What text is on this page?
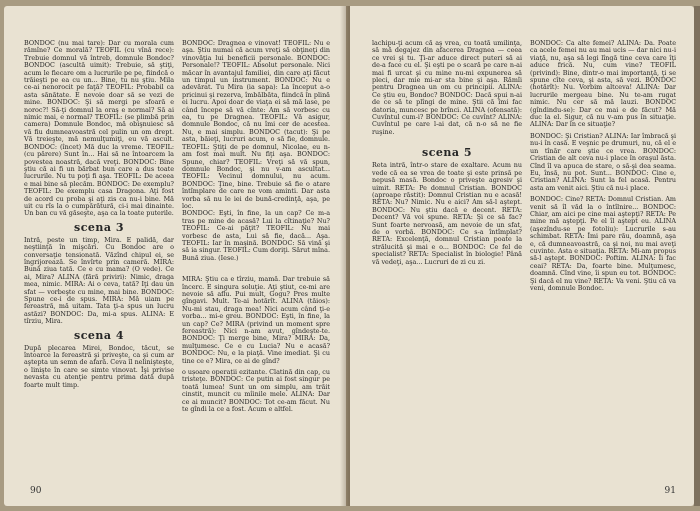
BONDOC (nu mai tare): Dar cu morala cum rămîne? Ce morală? TEOFIL (cu vînă rece): Trebuie domnul vă întreb, domnule Bondoc? BONDOC (ascultă uimit): Trebuie, să ştiţi, acum le fiecare om a lucrurile pe pe, fiindcă o trăieşti pe ea cu un... Bine, tu nu ştiu. Mila ce-ai nenorocit pe faţă? TEOFIL: Probabil ca asta sănătate. E nevoie doar să se vezi de mine. BONDOC: Şi să mergi pe sfoară e noroc?! Să-ţi domnul la oraş e normal? Să ai nimic mai, e normal? TEOFIL: (se plimbă prin camera) Domnule Bondoc, mă obişnuiesc să vă fiu dumneavoastră cel pulin un om drept. Vă treieşte, mă nemulţumiţi, eu vă ascult. BONDOC: (încet) Mă duc la vreme. TEOFIL: (cu părere) Sunt în... Hai să ne întoarcem la povestea noastră, dacă vreţi. BONDOC: Bine ştiu că ai fi un bărbat bun care a dus toate lucrurile. Nu tu poţi fi aşa. TEOFIL: De aceea e mai bine să plecăm. BONDOC: De exemplu? TEOFIL: De exemplu casa Dragona. Aţi fost de acord cu proba şi aţi zis ca nu-i bine. Mă uit cu rîs la o cumpărătură, ci-i mai dinainte. Un ban cu vă găseşte, aşa ca la toate puterile.

scena 3

Intră, peste un timp, Mira. E palidă, dar neştiinţă în mişcări. Cu Bondoc are o conversaţie tensionată. Văzînd chipul ei, se îngrijorează. Se învîrte prin cameră. MIRA: Bună ziua tată. Ce e cu mama? (O vede). Ce ai, Mira? ALINA (fără priviri): Nimic, draga mea, nimic. MIRA: Ai o ceva, tată? Iţi dau un sfat — vorbeşte cu mine, mai bine. BONDOC: Spune ce-i de spus. MIRA: Mă uiam pe fereastră, mă uitam. Tata ţi-a spus un lucru astăzi? BONDOC: Da, mi-a spus. ALINA: E tîrziu, Mira.

scena 4

După plecarea Mirei, Bondoc, tăcut, se întoarce la fereastră şi priveşte, ca şi cum ar aştepta un semn de afară. Ceva îl nelinişteşte, o linişte în care se simte vinovat. Îşi privise nevasta cu atenţie pentru prima dată după foarte mult timp.

BONDOC: Dragnea e vinovat! TEOFIL: Nu e aşa. Ştiu numai că acum vreţi să obţineţi din vinovăţia lui beneficii personale. BONDOC: Personale!? TEOFIL: Absolut personale. Nici măcar în avantajul familiei, din care aţi făcut un timpul un instrument. BONDOC: Nu e adevărat. Tu Mira (ia sapa): La început a-o pricinui şi rezerva, îmbălbăta, fiindcă în plină ei lucru. Apoi doar de viaţa ei să mă lase, pe când începe să vă cînte: Am să vorbesc cu ea, tu pe Dragnea. TEOFIL: Vă asigur, domnule Bondoc, că nu îmi cer de acestea. Nu, e mai simplu. BONDOC (tacut): Şi pe asta, băieţi, lucruri acum, o să fie, domnule. TEOFIL: Ştiţi de pe domnul, Nicolae, eu n-am fost mai mult. Nu fiţi aşa. BONDOC: Spune, chiar? TEOFIL: Vreţi să vă spun, domnule Bondoc, şi nu v-am ascultat... TEOFIL: Vecinul domnului, nu acum. BONDOC: Ţine, bine. Trebuie să fie o atare întîmplare de care ne vom aminti. Dar asta vorba să nu le iei de bună-credinţă, aşa, pe loc.

BONDOC: Eşti, în fine, la un cap? Ce m-a tras pe mine de acasă? Lui la cîtinaţie? Nu? TEOFIL: Ce-ai păţit? TEOFIL: Nu mai vorbesc de asta, Lui să fie, dacă... Aşa. TEOFIL: Iar în maşină. BONDOC: Să vină şi să ia singur. TEOFIL: Cum doriţi. Sărut mîna. Bună ziua. (Iese.)

MIRA: Ştiu ca e tîrziu, mamă. Dar trebuie să încerc. E singura soluţie. Aţi ştiut, ce-mi are nevoie să aflu. Pui mult, Gogu? Pres multe gîngavi. Mult. Te-ai hotărît. ALINA (tăios): Nu-mi stau, draga mea! Nici acum când ţi-e vorba... mi-e greu. BONDOC: Eşti, în fine, la un cap? Ce? MIRA (privind un moment spre fereastră): Nici n-am avut, gîndeşte-te. BONDOC: Ţi merge bine, Mira? MIRA: Da, mulţumesc. Ce e cu Lucia? Nu e acasă? BONDOC: Nu, e la piaţă. Vine imediat. Şi cu tine ce e? Mira, ce ai de gînd?

o ușoare operații ezitante. Clatină din cap, cu tristeţe. BONDOC: Ce putin ai fost singur pe toată lumea! Sunt un om simplu, am trăit cinstit, muncit cu mîinile mele. ALINA: Dar ce ai muncit? BONDOC: Tot ce-am făcut. Nu te gîndi la ce a fost. Acum e altfel.

90

lachipu-ţi acum că aş vrea, cu toată umilinţa, să mă degajez din afacerea Dragnea — ceea ce vrei şi tu. Ţi-ar aduce direct puteri să ai de-a face cu el. Şi eşti pe o scară pe care n-ai mai fi urcat şi cu mine nu-mi expunerea să pleci, dar mie mi-ar sta bine şi aşa. Rămîi pentru Dragnea un om cu principii. ALINA: Ce ştiu eu, Bondoc? BONDOC: Dacă spui n-ai de ce să te plîngi de mine. Ştii că îmi fac datoria, muncesc pe brînci. ALINA (ofensată): Cuvîntul cum-i? BONDOC: Ce cuvînt? ALINA: Cuvîntul pe care l-ai dat, că n-o să ne fie ruşine.

scena 5

Reta intră, într-o stare de exaltare. Acum nu vede că ea se vrea de toate şi este prinsă pe nepusă masă. Bondoc o priveşte agresiv şi uimit. RETA: Pe domnul Cristian. BONDOC (aproape răstit): Domnul Cristian nu e acasă! RETA: Nu? Nimic. Nu e aici? Am să-l aştept. BONDOC: Nu ştiu dacă e decent. RETA: Decent? Vă voi spune. RETA: Şi ce să fac? Sunt foarte nervoasă, am nevoie de un sfat, de o vorbă. BONDOC: Ce s-a întîmplat? RETA: Excelenţă, domnul Cristian poate la strălucită şi mai e o... BONDOC: Ce fel de specialist? RETA: Specialist în biologie! Până vă vedeţi, aşa... Lucruri de zi cu zi.

BONDOC: Ca alte femei? ALINA: Da. Poate ca acele femei nu au mai ucis — dar nici nu-i viaţă, nu, aşa să legi lîngă tine ceva care îţi aduce frică. Nu, cum vine? TEOFIL (privind): Bine, dintr-o mai importanţă, ţi se spune cîte ceva, şi asta, să vezi. BONDOC (hotărît): Nu. Vorbim altceva! ALINA: Dar lucrurile mergeau bine. Nu te-am rugat nimic. Nu cer să mă lauzi. BONDOC (gîndindu-se): Dar ce mai e de făcut? Mă duc la el. Sigur, că nu v-am pus în situaţie. ALINA: Dar în ce situaţie?

BONDOC: Şi Cristian? ALINA: Iar îmbracă şi nu-i în casă. E veşnic pe drumuri, nu, că el e un tînăr care ştie ce vrea. BONDOC: Cristian de alt ceva nu-i place în oraşul ăsta. Cînd îl va apuca de stare, o să-şi dea seama. Eu, însă, nu pot. Sunt... BONDOC: Cine e, Cristian? ALINA: Sunt la fel acasă. Pentru asta am venit aici. Ştiu că nu-i place.

BONDOC: Cine? RETA: Domnul Cristian. Am venit să îl văd la o întîlnire... BONDOC: Chiar, am aici pe cine mai aştepţi? RETA: Pe mine mă aştepţi. Pe el îl aştept eu. ALINA (aşezîndu-se pe fotoliu): Lucrurile s-au schimbat. RETA: Îmi pare rău, doamnă, aşa e, că dumneavoastră, ca şi noi, nu mai aveţi cuvinte. Asta e situaţia. RETA: Mi-am propus să-l aştept. BONDOC: Poftim. ALINA: Îi fac ceai? RETA: Da, foarte bine. Mulţumesc, doamnă. Cînd vine, îi spun eu tot. BONDOC: Şi dacă el nu vine? RETA: Va veni. Ştiu că va veni, domnule Bondoc.

91
